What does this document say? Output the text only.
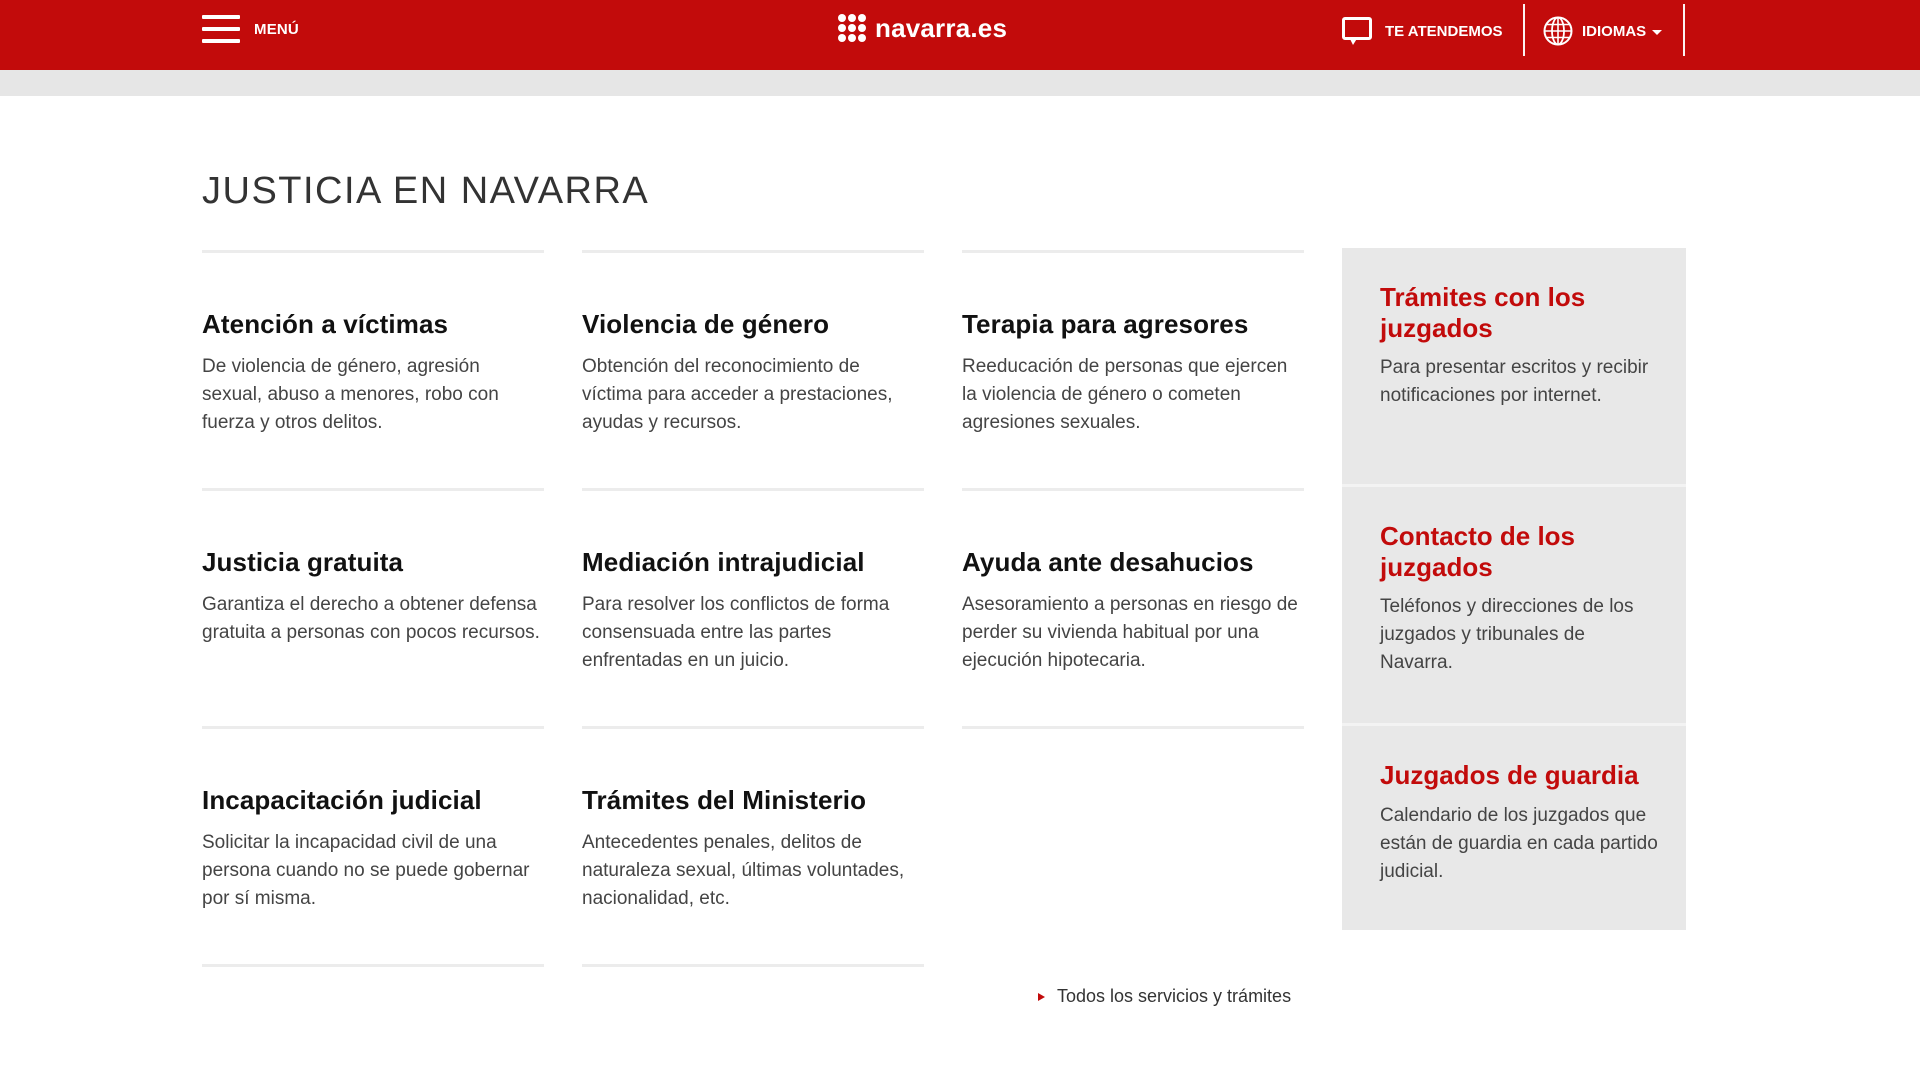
MENÚ	navarra.es	TE ATENDEMOS	IDIOMAS
JUSTICIA EN NAVARRA
Atención a víctimas

De violencia de género, agresión sexual, abuso a menores, robo con fuerza y otros delitos.

Violencia de género

Obtención del reconocimiento de víctima para acceder a prestaciones, ayudas y recursos.

Terapia para agresores

Reeducación de personas que ejercen la violencia de género o cometen agresiones sexuales.

Justicia gratuita

Garantiza el derecho a obtener defensa gratuita a personas con pocos recursos.

Mediación intrajudicial

Para resolver los conflictos de forma consensuada entre las partes enfrentadas en un juicio.

Ayuda ante desahucios

Asesoramiento a personas en riesgo de perder su vivienda habitual por una ejecución hipotecaria.

Incapacitación judicial

Solicitar la incapacidad civil de una persona cuando no se puede gobernar por sí misma.

Trámites del Ministerio

Antecedentes penales, delitos de naturaleza sexual, últimas voluntades, nacionalidad, etc.

Trámites con los juzgados

Para presentar escritos y recibir notificaciones por internet.

Contacto de los juzgados

Teléfonos y direcciones de los juzgados y tribunales de Navarra.

Juzgados de guardia

Calendario de los juzgados que están de guardia en cada partido judicial.

Todos los servicios y trámites
